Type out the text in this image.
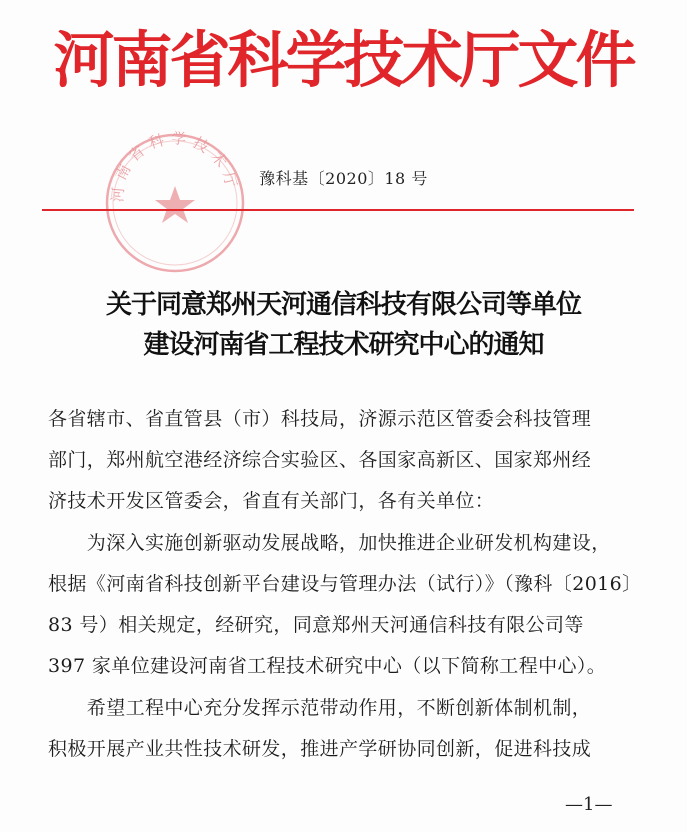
河南省科学技术厅文件
河南省科学技术厅	豫科基〔2020〕18 号
关于同意郑州天河通信科技有限公司等单位
建设河南省工程技术研究中心的通知
各省辖市、省直管县（市）科技局，济源示范区管委会科技管理
部门，郑州航空港经济综合实验区、各国家高新区、国家郑州经
济技术开发区管委会，省直有关部门，各有关单位：
　　为深入实施创新驱动发展战略，加快推进企业研发机构建设，
根据《河南省科技创新平台建设与管理办法（试行）》（豫科〔2016〕
83 号）相关规定，经研究，同意郑州天河通信科技有限公司等
397 家单位建设河南省工程技术研究中心（以下简称工程中心）。
　　希望工程中心充分发挥示范带动作用，不断创新体制机制，
积极开展产业共性技术研发，推进产学研协同创新，促进科技成
—1—
